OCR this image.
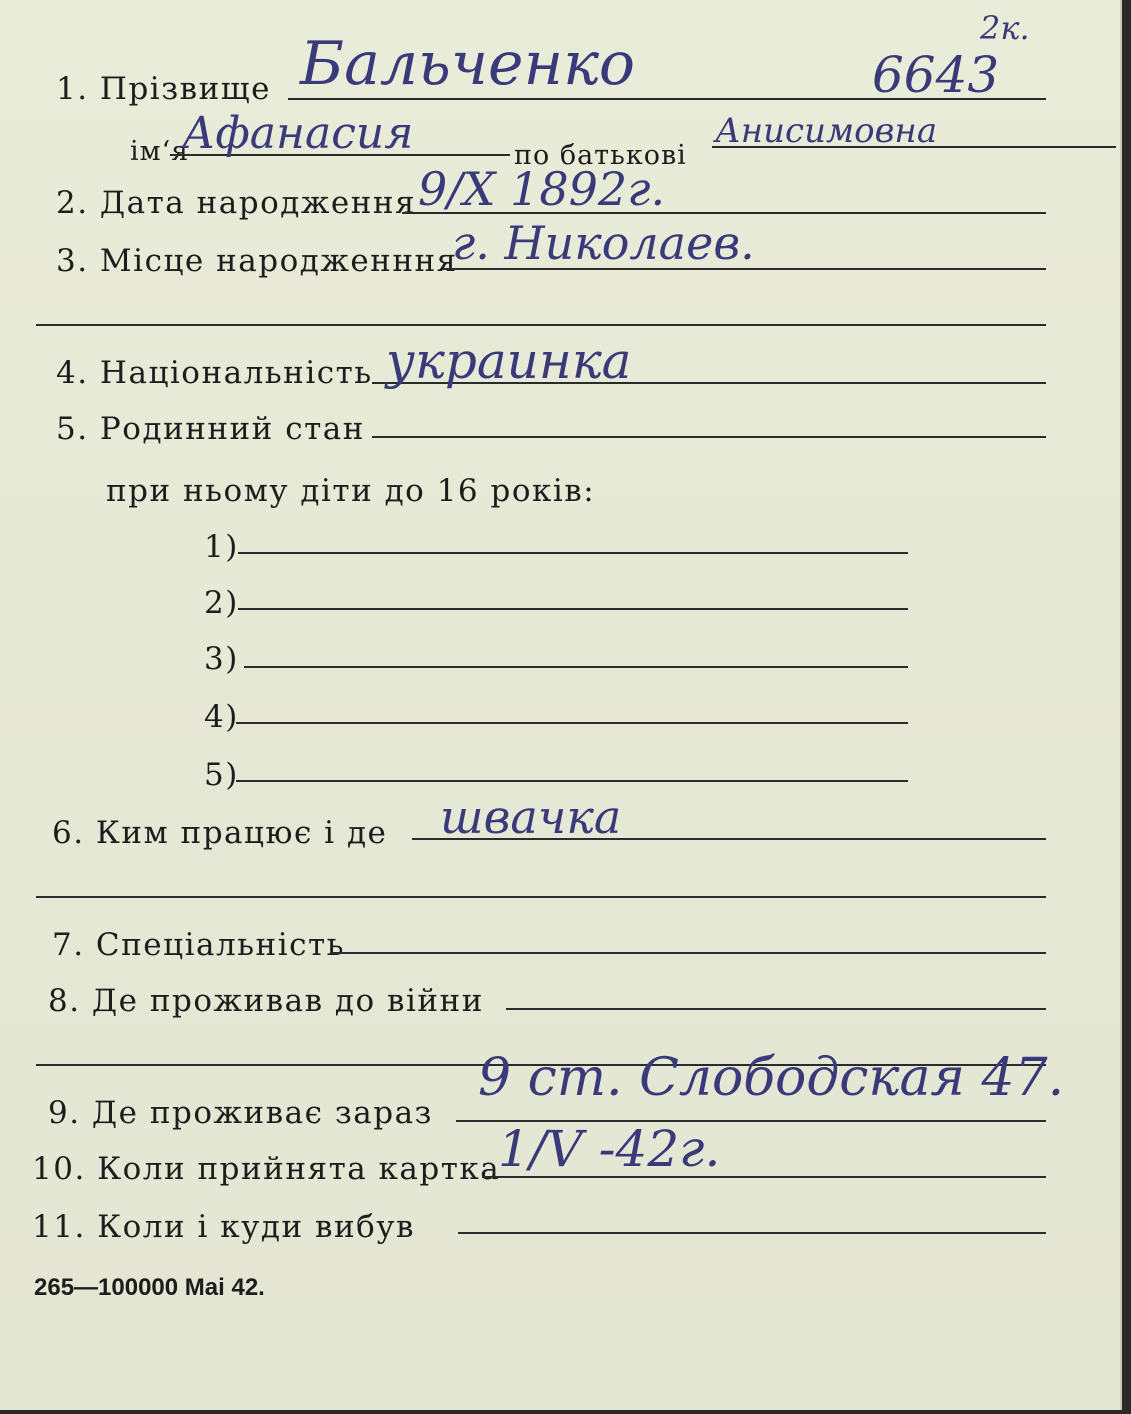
6643
2к.
1. Прізвище Бальченко
ім‘я
Афанасия	по батькові
Анисимовна
2. Дата народження 9/X 1892г.
3. Місце народженння
г. Николаев.
4. Національність украинка
5. Родинний стан
при ньому діти до 16 років:
1)
2)
3)
4)
5)
6. Ким працює і де швачка
7. Спеціальність
8. Де проживав до війни
9. Де проживає зараз
9 ст. Слободская 47.
10. Коли прийнята картка
1/V -42г.
11. Коли і куди вибув
265—100000 Mai 42.
